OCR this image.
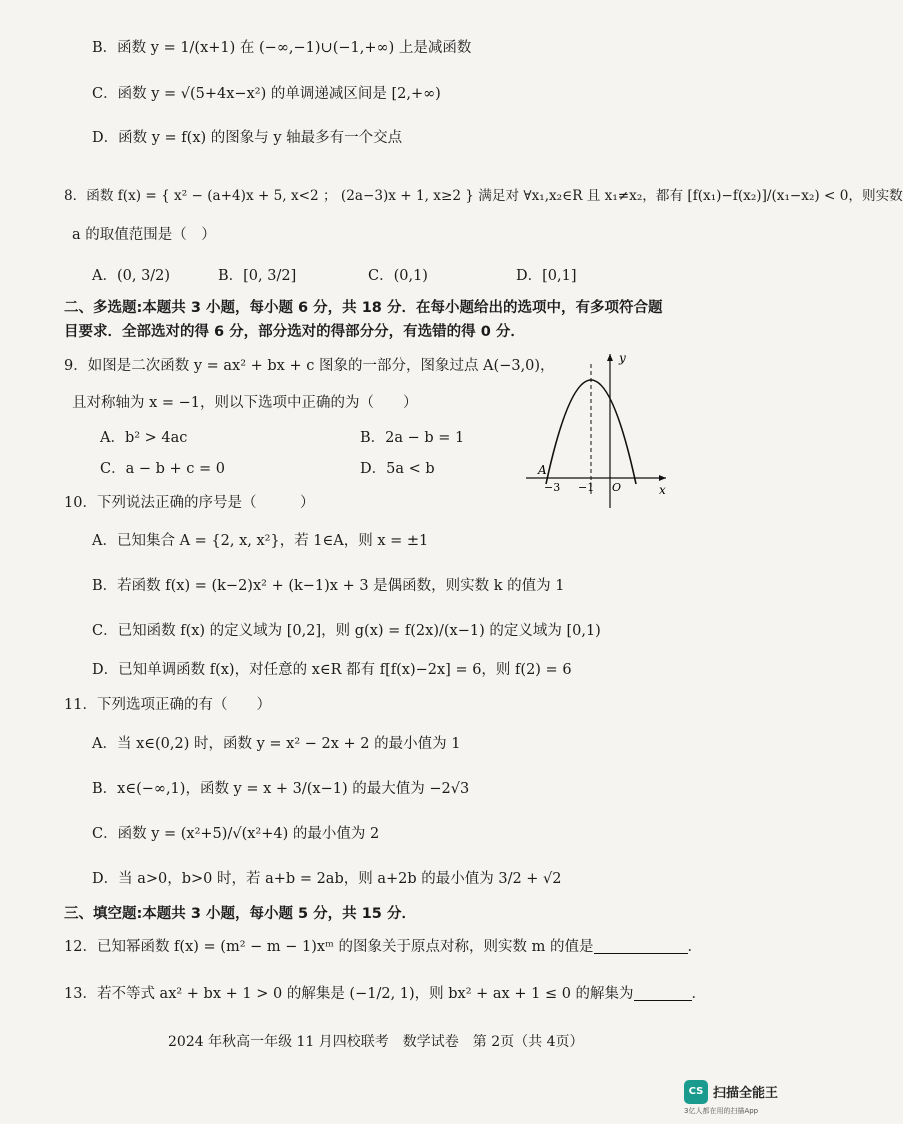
B．函数 y = 1/(x+1) 在 (−∞,−1)∪(−1,+∞) 上是减函数
C．函数 y = √(5+4x−x²) 的单调递减区间是 [2,+∞)
D．函数 y = f(x) 的图象与 y 轴最多有一个交点
8．函数 f(x) = { x² − (a+4)x + 5, x<2 ； (2a−3)x + 1, x≥2 } 满足对 ∀x₁,x₂∈R 且 x₁≠x₂，都有 [f(x₁)−f(x₂)]/(x₁−x₂) < 0，则实数
a 的取值范围是（　）
A．(0, 3/2)	B．[0, 3/2]	C．(0,1)	D．[0,1]
二、多选题:本题共 3 小题，每小题 6 分，共 18 分．在每小题给出的选项中，有多项符合题
目要求．全部选对的得 6 分，部分选对的得部分分，有选错的得 0 分．
9．如图是二次函数 y = ax² + bx + c 图象的一部分，图象过点 A(−3,0)，
且对称轴为 x = −1，则以下选项中正确的为（　　）
A．b² > 4ac	B．2a − b = 1
C．a − b + c = 0	D．5a < b
y
x
A
O
−3 −1
10．下列说法正确的序号是（　　　）
A．已知集合 A = {2, x, x²}，若 1∈A，则 x = ±1
B．若函数 f(x) = (k−2)x² + (k−1)x + 3 是偶函数，则实数 k 的值为 1
C．已知函数 f(x) 的定义域为 [0,2]，则 g(x) = f(2x)/(x−1) 的定义域为 [0,1)
D．已知单调函数 f(x)，对任意的 x∈R 都有 f[f(x)−2x] = 6，则 f(2) = 6
11．下列选项正确的有（　　）
A．当 x∈(0,2) 时，函数 y = x² − 2x + 2 的最小值为 1
B．x∈(−∞,1)，函数 y = x + 3/(x−1) 的最大值为 −2√3
C．函数 y = (x²+5)/√(x²+4) 的最小值为 2
D．当 a>0，b>0 时，若 a+b = 2ab，则 a+2b 的最小值为 3/2 + √2
三、填空题:本题共 3 小题，每小题 5 分，共 15 分．
12．已知幂函数 f(x) = (m² − m − 1)xᵐ 的图象关于原点对称，则实数 m 的值是	．
13．若不等式 ax² + bx + 1 > 0 的解集是 (−1/2, 1)，则 bx² + ax + 1 ≤ 0 的解集为	．
2024 年秋高一年级 11 月四校联考　数学试卷　第 2页（共 4页）
CS 扫描全能王
3亿人都在用的扫描App
